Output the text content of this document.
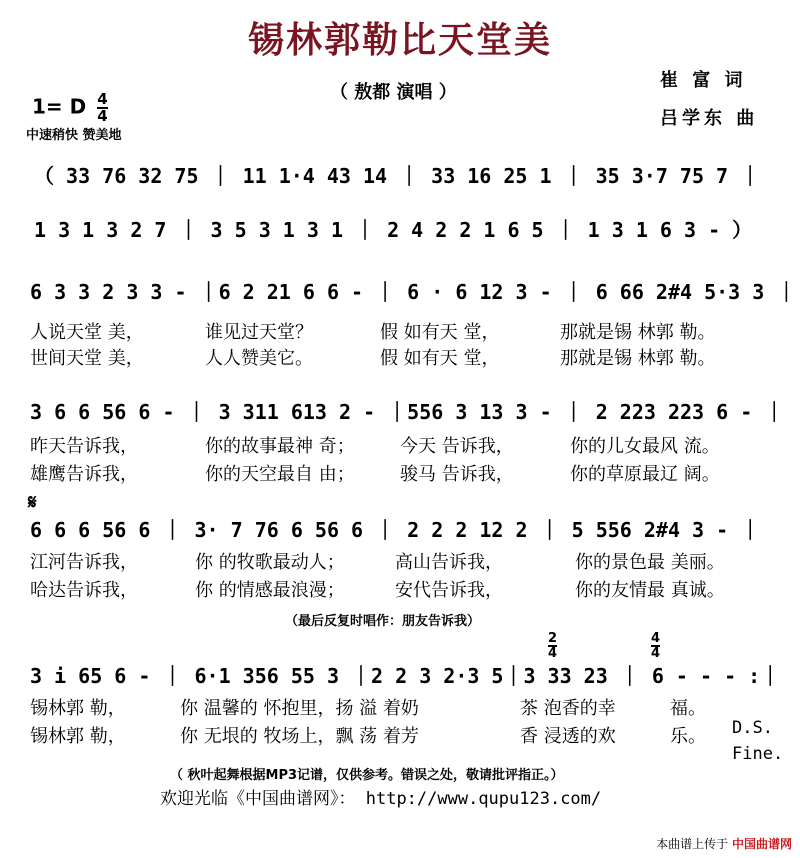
锡林郭勒比天堂美
（ 敖都 演唱 ）
崔 富 词
吕学东 曲
1= D $\frac{4}{4}$
中速稍快 赞美地
（ 33 76 32 75 ｜ 11 1·4 43 14 ｜ 33 16 25 1 ｜ 35 3·7 75 7 ｜
1 3 1 3 2 7 ｜ 3 5 3 1 3 1 ｜ 2 4 2 2 1 6 5 ｜ 1 3 1 6 3 - ）
6 3 3 2 3 3 - ｜6 2 21 6 6 - ｜ 6 · 6 12 3 - ｜ 6 66 2#4 5·3 3 ｜
人说天堂 美，	谁见过天堂？	假 如有天 堂，	那就是锡 林郭 勒。
世间天堂 美，	人人赞美它。	假 如有天 堂，	那就是锡 林郭 勒。
3 6 6 56 6 - ｜ 3 311 613 2 - ｜556 3 13 3 - ｜ 2 223 223 6 - ｜
昨天告诉我，	你的故事最神 奇；	今天 告诉我，	你的儿女最风 流。
雄鹰告诉我，	你的天空最自 由；	骏马 告诉我，	你的草原最辽 阔。
𝄋
6 6 6 56 6 ｜ 3· 7 76 6 56 6 ｜ 2 2 2 12 2 ｜ 5 556 2#4 3 - ｜
江河告诉我，	你 的牧歌最动人；	高山告诉我，	你的景色最 美丽。
哈达告诉我，	你 的情感最浪漫；	安代告诉我，	你的友情最 真诚。
（最后反复时唱作：朋友告诉我）
2
4
4
4
3 i 65 6 - ｜ 6·1 356 55 3 ｜2 2 3 2·3 5｜3 33 23 ｜ 6 - - - :｜
锡林郭 勒，	你 温馨的 怀抱里，扬 溢 着奶	茶 泡香的幸	福。
锡林郭 勒，	你 无垠的 牧场上，飘 荡 着芳	香 浸透的欢	乐。 D.S.
Fine.
（ 秋叶起舞根据MP3记谱，仅供参考。错误之处，敬请批评指正。）
欢迎光临《中国曲谱网》： http://www.qupu123.com/
本曲谱上传于 中国曲谱网
